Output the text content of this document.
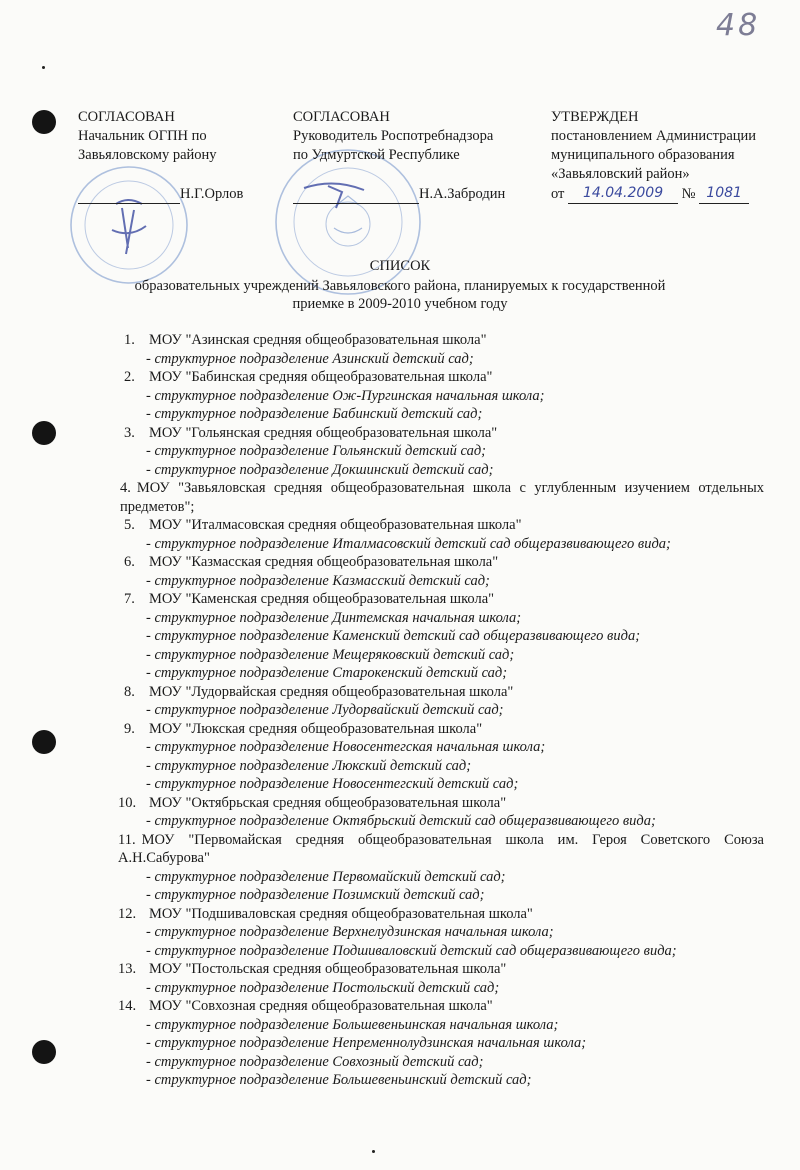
48
СОГЛАСОВАН
Начальник ОГПН по
Завьяловскому району
Н.Г.Орлов
СОГЛАСОВАН
Руководитель Роспотребнадзора
по Удмуртской Республике
Н.А.Забродин
УТВЕРЖДЕН
постановлением Администрации
муниципального образования
«Завьяловский район»
от 14.04.2009 № 1081
СПИСОК
образовательных учреждений Завьяловского района, планируемых к государственной
приемке в 2009-2010 учебном году
1. МОУ "Азинская средняя общеобразовательная школа"
- структурное подразделение Азинский детский сад;
2. МОУ "Бабинская средняя общеобразовательная школа"
- структурное подразделение Ож-Пургинская начальная школа;
- структурное подразделение Бабинский детский сад;
3. МОУ "Гольянская средняя общеобразовательная школа"
- структурное подразделение Гольянский детский сад;
- структурное подразделение Докшинский детский сад;
4. МОУ "Завьяловская средняя общеобразовательная школа с углубленным изучением отдельных предметов";
5. МОУ "Италмасовская средняя общеобразовательная школа"
- структурное подразделение Италмасовский детский сад общеразвивающего вида;
6. МОУ "Казмасская средняя общеобразовательная школа"
- структурное подразделение Казмасский детский сад;
7. МОУ "Каменская средняя общеобразовательная школа"
- структурное подразделение Динтемская начальная школа;
- структурное подразделение Каменский детский сад общеразвивающего вида;
- структурное подразделение Мещеряковский детский сад;
- структурное подразделение Старокенский детский сад;
8. МОУ "Лудорвайская средняя общеобразовательная школа"
- структурное подразделение Лудорвайский детский сад;
9. МОУ "Люкская средняя общеобразовательная школа"
- структурное подразделение Новосентегская начальная школа;
- структурное подразделение Люкский детский сад;
- структурное подразделение Новосентегский детский сад;
10. МОУ "Октябрьская средняя общеобразовательная школа"
- структурное подразделение Октябрьский детский сад общеразвивающего вида;
11. МОУ "Первомайская средняя общеобразовательная школа им. Героя Советского Союза А.Н.Сабурова"
- структурное подразделение Первомайский детский сад;
- структурное подразделение Позимский детский сад;
12. МОУ "Подшиваловская средняя общеобразовательная школа"
- структурное подразделение Верхнелудзинская начальная школа;
- структурное подразделение Подшиваловский детский сад общеразвивающего вида;
13. МОУ "Постольская средняя общеобразовательная школа"
- структурное подразделение Постольский детский сад;
14. МОУ "Совхозная средняя общеобразовательная школа"
- структурное подразделение Большевеньинская начальная школа;
- структурное подразделение Непременнолудзинская начальная школа;
- структурное подразделение Совхозный детский сад;
- структурное подразделение Большевеньинский детский сад;
